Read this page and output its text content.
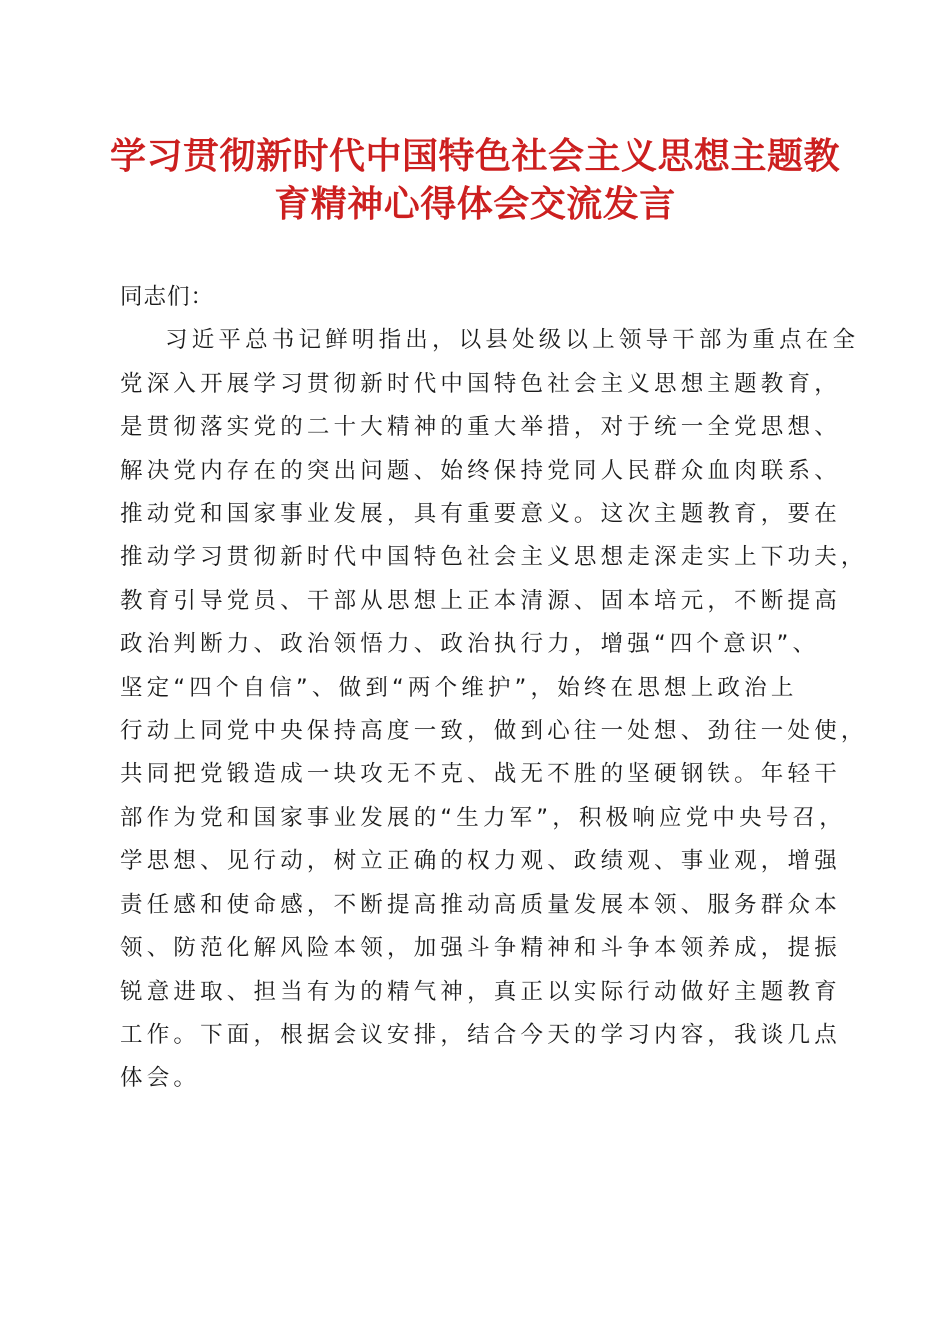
学习贯彻新时代中国特色社会主义思想主题教
育精神心得体会交流发言

同志们：

习近平总书记鲜明指出，以县处级以上领导干部为重点在全

党深入开展学习贯彻新时代中国特色社会主义思想主题教育，

是贯彻落实党的二十大精神的重大举措，对于统一全党思想、

解决党内存在的突出问题、始终保持党同人民群众血肉联系、

推动党和国家事业发展，具有重要意义。这次主题教育，要在

推动学习贯彻新时代中国特色社会主义思想走深走实上下功夫，

教育引导党员、干部从思想上正本清源、固本培元，不断提高

政治判断力、政治领悟力、政治执行力，增强“四个意识”、

坚定“四个自信”、做到“两个维护”，始终在思想上政治上

行动上同党中央保持高度一致，做到心往一处想、劲往一处使，

共同把党锻造成一块攻无不克、战无不胜的坚硬钢铁。年轻干

部作为党和国家事业发展的“生力军”，积极响应党中央号召，

学思想、见行动，树立正确的权力观、政绩观、事业观，增强

责任感和使命感，不断提高推动高质量发展本领、服务群众本

领、防范化解风险本领，加强斗争精神和斗争本领养成，提振

锐意进取、担当有为的精气神，真正以实际行动做好主题教育

工作。下面，根据会议安排，结合今天的学习内容，我谈几点

体会。
